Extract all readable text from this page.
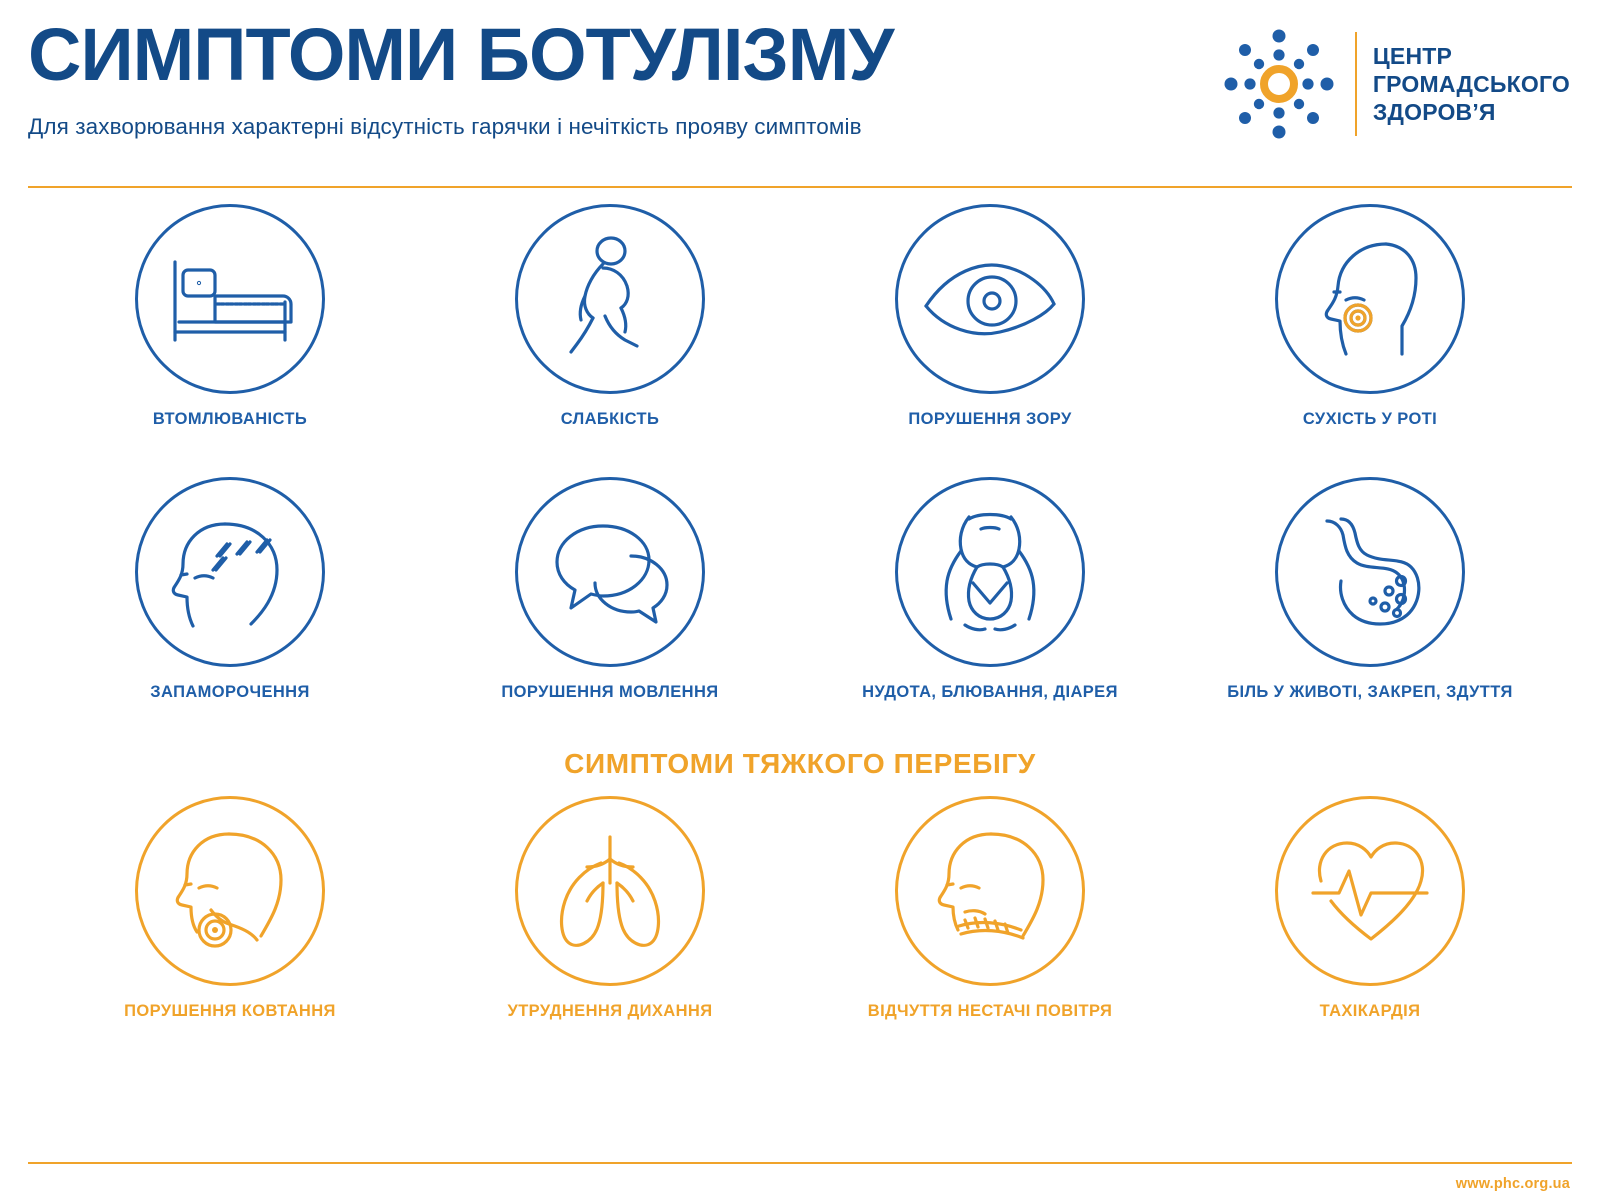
СИМПТОМИ БОТУЛІЗМУ
Для захворювання характерні відсутність гарячки і нечіткість прояву симптомів
ЦЕНТР
ГРОМАДСЬКОГО
ЗДОРОВ’Я
ВТОМЛЮВАНІСТЬ	СЛАБКІСТЬ	ПОРУШЕННЯ ЗОРУ	СУХІСТЬ У РОТІ
ЗАПАМОРОЧЕННЯ	ПОРУШЕННЯ МОВЛЕННЯ	НУДОТА, БЛЮВАННЯ, ДІАРЕЯ	БІЛЬ У ЖИВОТІ, ЗАКРЕП, ЗДУТТЯ
СИМПТОМИ ТЯЖКОГО ПЕРЕБІГУ
ПОРУШЕННЯ КОВТАННЯ	УТРУДНЕННЯ ДИХАННЯ	ВІДЧУТТЯ НЕСТАЧІ ПОВІТРЯ	ТАХІКАРДІЯ
www.phc.org.ua
